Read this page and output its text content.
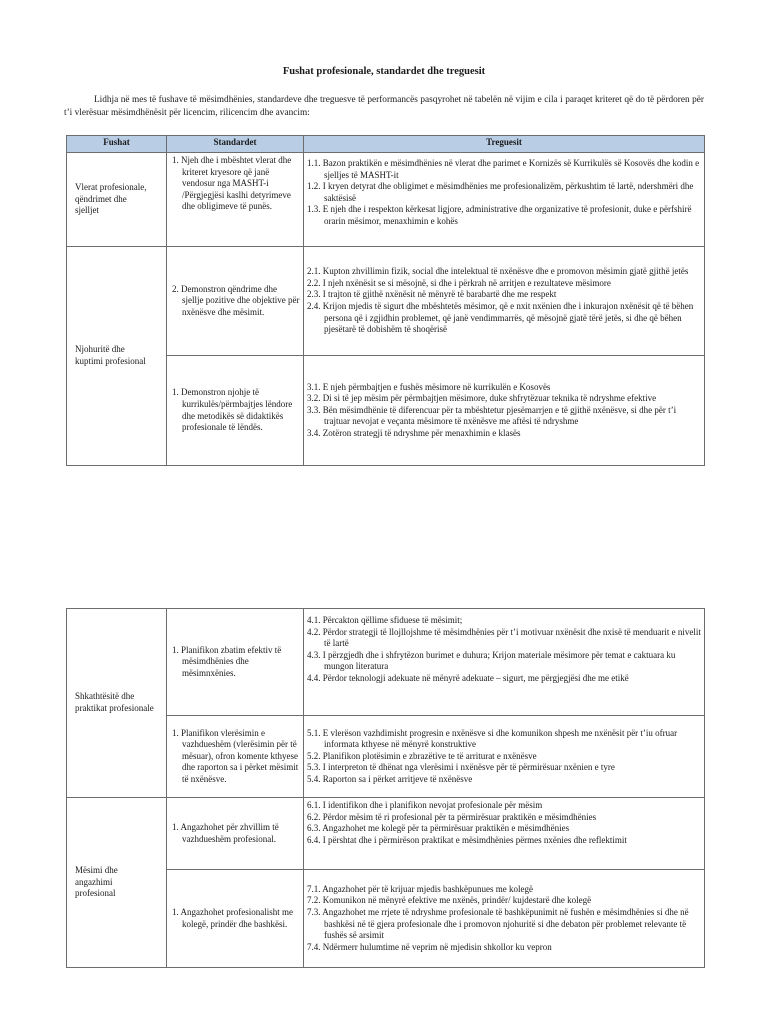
Fushat profesionale, standardet dhe treguesit
Lidhja në mes të fushave të mësimdhënies, standardeve dhe treguesve të performancës pasqyrohet në tabelën në vijim e cila i paraqet kriteret që do të përdoren për t’i vlerësuar mësimdhënësit për licencim, rilicencim dhe avancim:
Fushat	Standardet	Treguesit

Vlerat profesionale, qëndrimet dhe sjelljet	1. Njeh dhe i mbështet vlerat dhe kriteret kryesore që janë vendosur nga MASHT-i /Përgjegjësi kaslhi detyrimeve dhe obligimeve të punës.	1.1. Bazon praktikën e mësimdhënies në vlerat dhe parimet e Kornizës së Kurrikulës së Kosovës dhe kodin e sjelljes të MASHT-it
1.2. I kryen detyrat dhe obligimet e mësimdhënies me profesionalizëm, përkushtim të lartë, ndershmëri dhe saktësisë
1.3. E njeh dhe i respekton kërkesat ligjore, administrative dhe organizative të profesionit, duke e përfshirë orarin mësimor, menaxhimin e kohës

Njohuritë dhe kuptimi profesional	2. Demonstron qëndrime dhe sjellje pozitive dhe objektive për nxënësve dhe mësimit.	2.1. Kupton zhvillimin fizik, social dhe intelektual të nxënësve dhe e promovon mësimin gjatë gjithë jetës
2.2. I njeh nxënësit se si mësojnë, si dhe i përkrah në arritjen e rezultateve mësimore
2.3. I trajton të gjithë nxënësit në mënyrë të barabartë dhe me respekt
2.4. Krijon mjedis të sigurt dhe mbështetës mësimor, që e nxit nxënien dhe i inkurajon nxënësit që të bëhen persona që i zgjidhin problemet, që janë vendimmarrës, që mësojnë gjatë tërë jetës, si dhe që bëhen pjesëtarë të dobishëm të shoqërisë

	1. Demonstron njohje të kurrikulës/përmbajtjes lëndore dhe metodikës së didaktikës profesionale të lëndës.	3.1. E njeh përmbajtjen e fushës mësimore në kurrikulën e Kosovës
3.2. Di si të jep mësim për përmbajtjen mësimore, duke shfrytëzuar teknika të ndryshme efektive
3.3. Bën mësimdhënie të diferencuar për ta mbështetur pjesëmarrjen e të gjithë nxënësve, si dhe për t’i trajtuar nevojat e veçanta mësimore të nxënësve me aftësi të ndryshme
3.4. Zotëron strategji të ndryshme për menaxhimin e klasës
Shkathtësitë dhe praktikat profesionale	1. Planifikon zbatim efektiv të mësimdhënies dhe mësimnxënies.	4.1. Përcakton qëllime sfiduese të mësimit;
4.2. Përdor strategji të llojllojshme të mësimdhënies për t’i motivuar nxënësit dhe nxisë të menduarit e nivelit të lartë
4.3. I përzgjedh dhe i shfrytëzon burimet e duhura; Krijon materiale mësimore për temat e caktuara ku mungon literatura
4.4. Përdor teknologji adekuate në mënyrë adekuate – sigurt, me përgjegjësi dhe me etikë

	1. Planifikon vlerësimin e vazhdueshëm (vlerësimin për të mësuar), ofron komente kthyese dhe raporton sa i përket mësimit të nxënësve.	5.1. E vlerëson vazhdimisht progresin e nxënësve si dhe komunikon shpesh me nxënësit për t’iu ofruar informata kthyese në mënyrë konstruktive
5.2. Planifikon plotësimin e zbrazëtive te të arriturat e nxënësve
5.3. I interpreton të dhënat nga vlerësimi i nxënësve për të përmirësuar nxënien e tyre
5.4. Raporton sa i përket arritjeve të nxënësve

Mësimi dhe angazhimi profesional	1. Angazhohet për zhvillim të vazhdueshëm profesional.	6.1. I identifikon dhe i planifikon nevojat profesionale për mësim
6.2. Përdor mësim të ri profesional për ta përmirësuar praktikën e mësimdhënies
6.3. Angazhohet me kolegë për ta përmirësuar praktikën e mësimdhënies
6.4. I përshtat dhe i përmirëson praktikat e mësimdhënies përmes nxënies dhe reflektimit

	1. Angazhohet profesionalisht me kolegë, prindër dhe bashkësi.	7.1. Angazhohet për të krijuar mjedis bashkëpunues me kolegë
7.2. Komunikon në mënyrë efektive me nxënës, prindër/ kujdestarë dhe kolegë
7.3. Angazhohet me rrjete të ndryshme profesionale të bashkëpunimit në fushën e mësimdhënies si dhe në bashkësi në të gjera profesionale dhe i promovon njohuritë si dhe debaton për problemet relevante të fushës së arsimit
7.4. Ndërmerr hulumtime në veprim në mjedisin shkollor ku vepron
